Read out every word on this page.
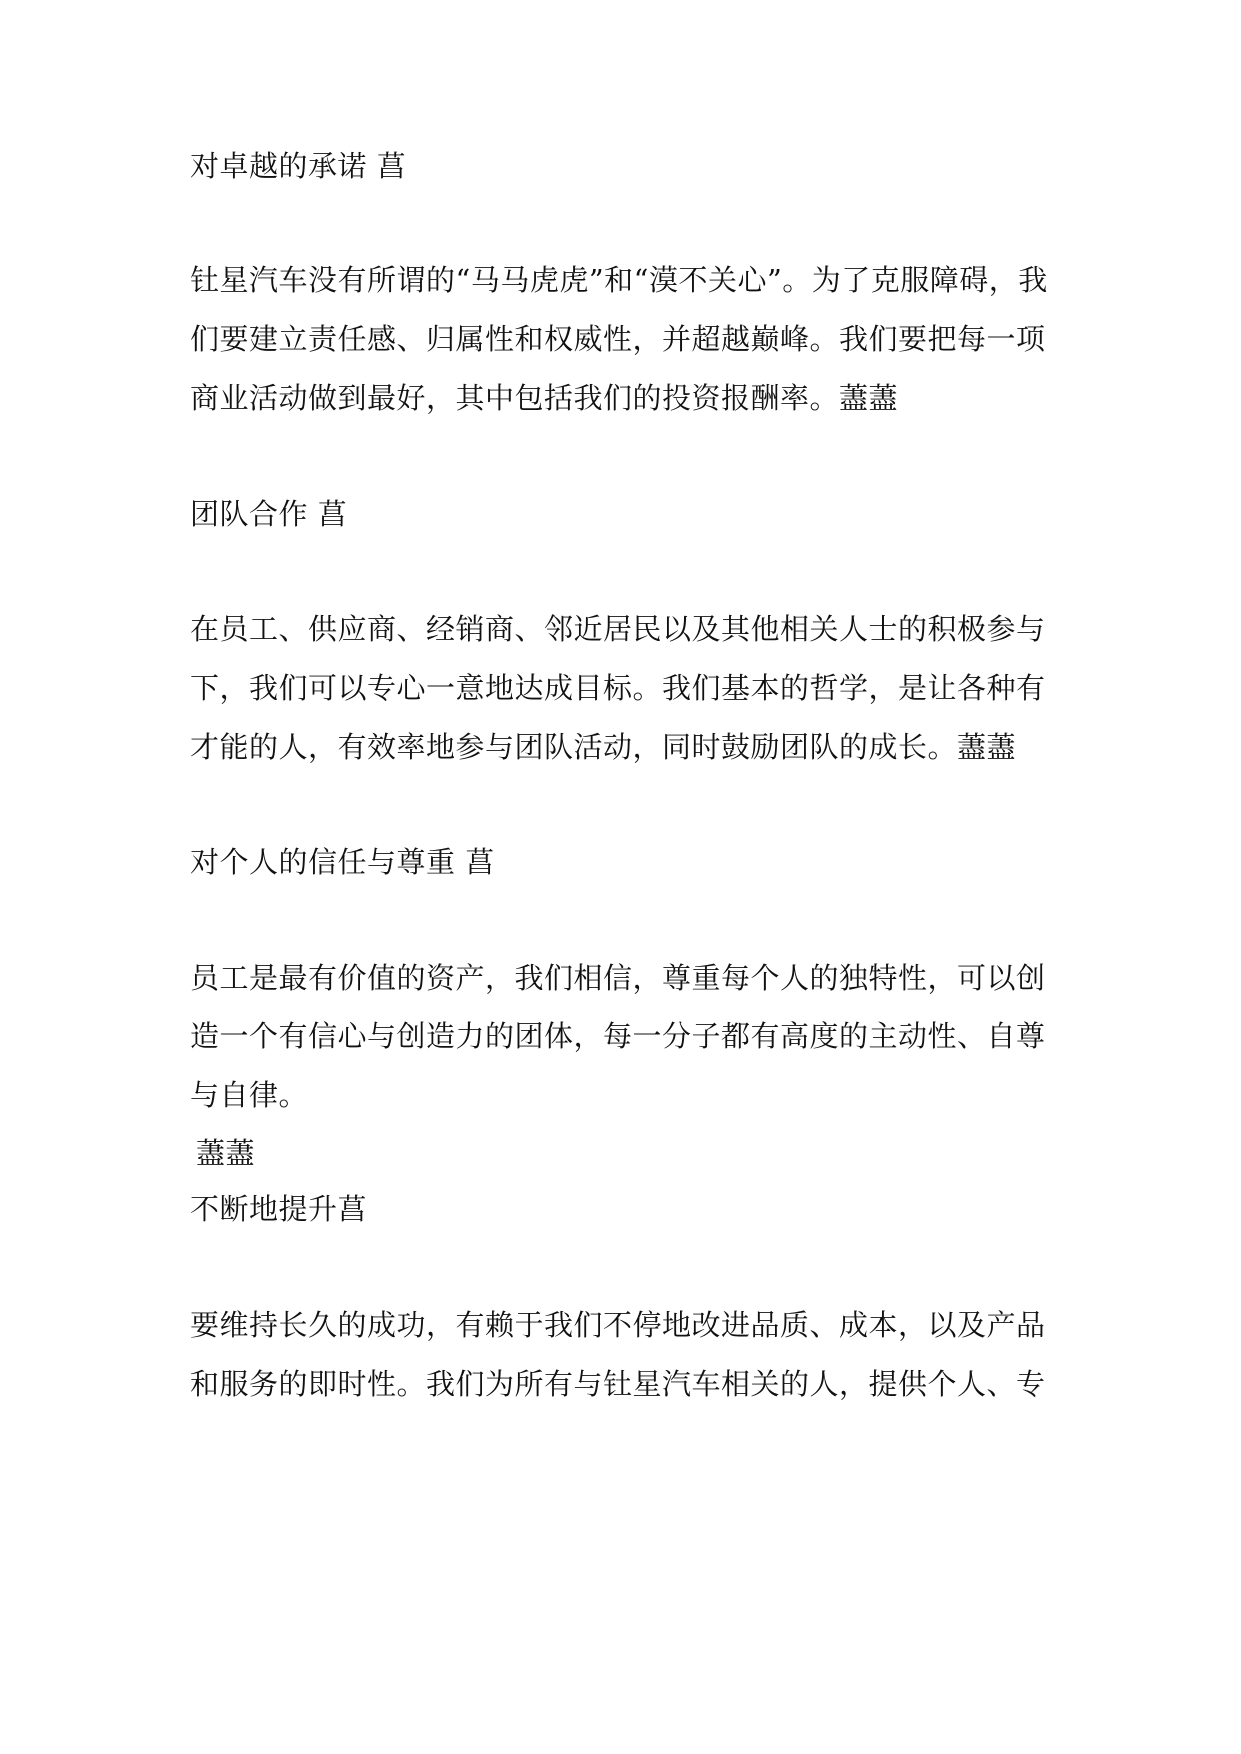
对卓越的承诺 菖
钍星汽车没有所谓的“马马虎虎”和“漠不关心”。为了克服障碍，我
们要建立责任感、归属性和权威性，并超越巅峰。我们要把每一项
商业活动做到最好，其中包括我们的投资报酬率。藎藎
团队合作 菖
在员工、供应商、经销商、邻近居民以及其他相关人士的积极参与
下，我们可以专心一意地达成目标。我们基本的哲学，是让各种有
才能的人，有效率地参与团队活动，同时鼓励团队的成长。藎藎
对个人的信任与尊重 菖
员工是最有价值的资产，我们相信，尊重每个人的独特性，可以创
造一个有信心与创造力的团体，每一分子都有高度的主动性、自尊
与自律。
藎藎
不断地提升菖
要维持长久的成功，有赖于我们不停地改进品质、成本，以及产品
和服务的即时性。我们为所有与钍星汽车相关的人，提供个人、专
